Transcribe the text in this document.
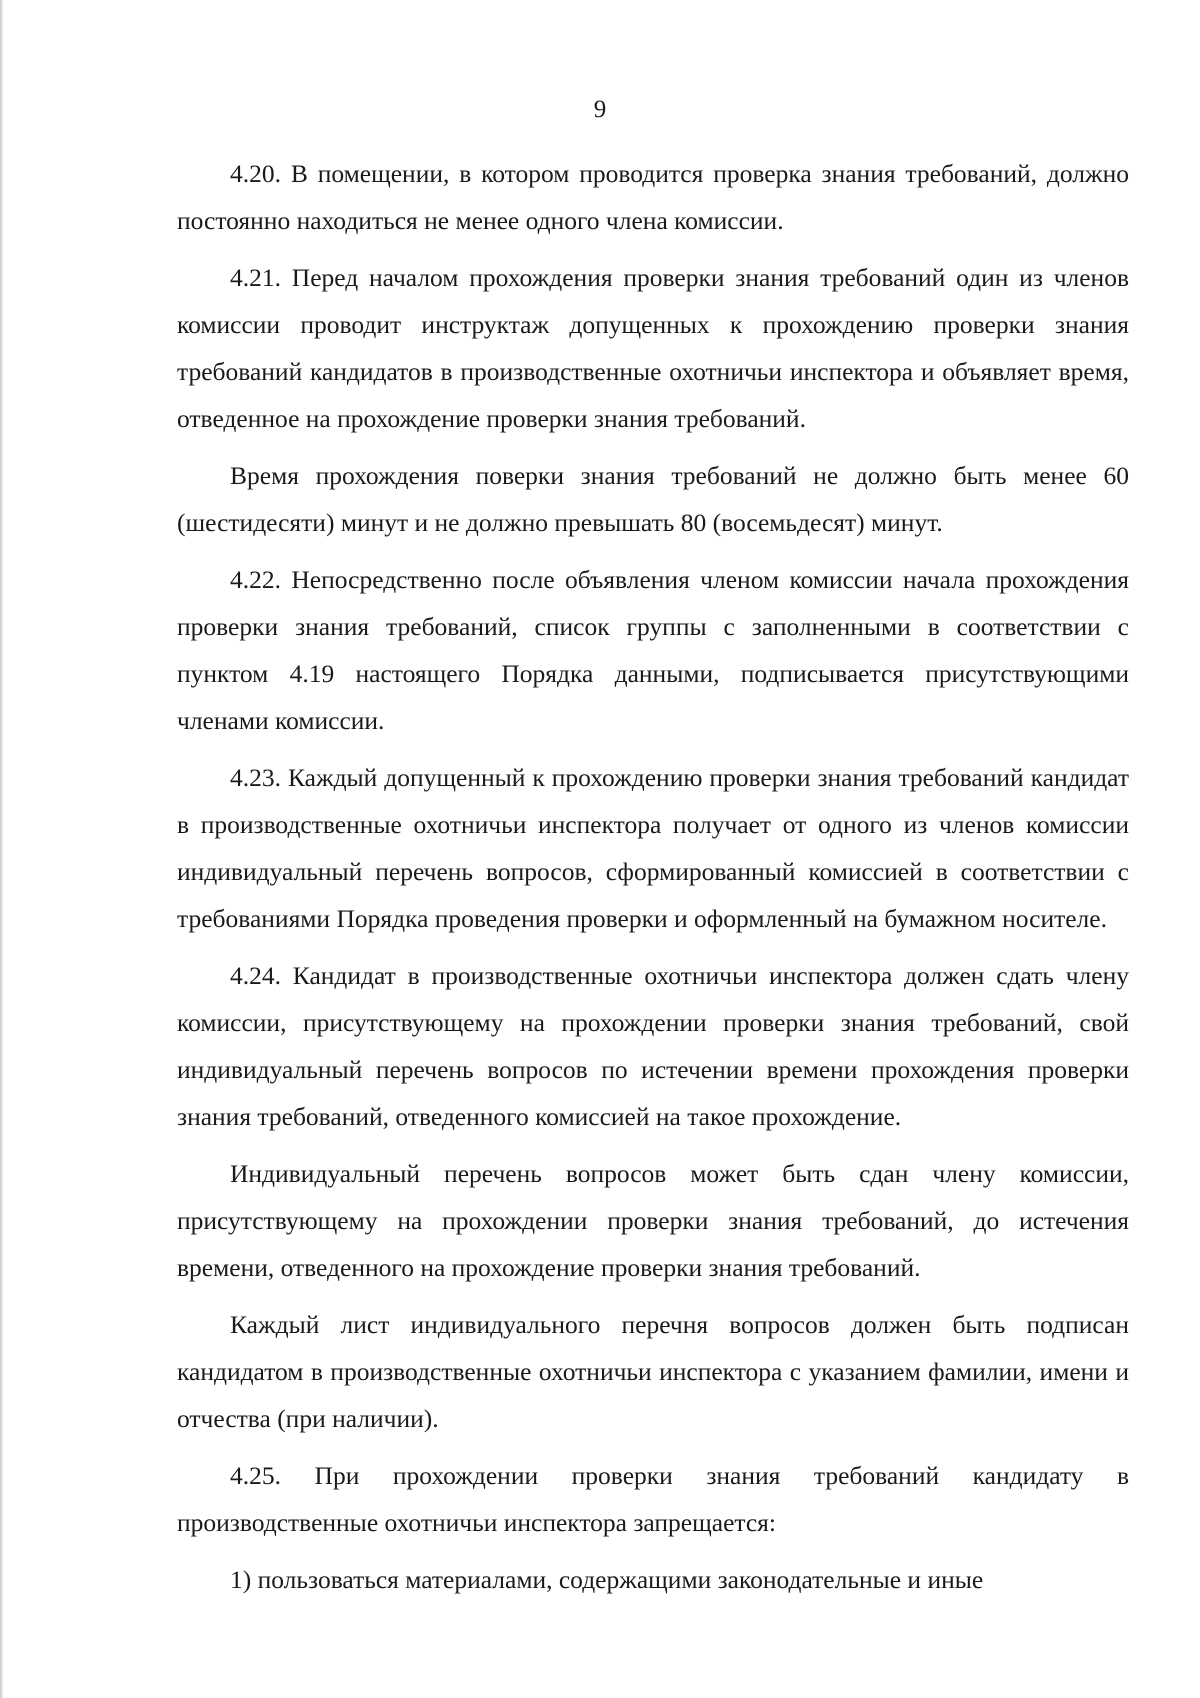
9

4.20. В помещении, в котором проводится проверка знания требований, должно постоянно находиться не менее одного члена комиссии.

4.21. Перед началом прохождения проверки знания требований один из членов комиссии проводит инструктаж допущенных к прохождению проверки знания требований кандидатов в производственные охотничьи инспектора и объявляет время, отведенное на прохождение проверки знания требований.

Время прохождения поверки знания требований не должно быть менее 60 (шестидесяти) минут и не должно превышать 80 (восемьдесят) минут.

4.22. Непосредственно после объявления членом комиссии начала прохождения проверки знания требований, список группы с заполненными в соответствии с пунктом 4.19 настоящего Порядка данными, подписывается присутствующими членами комиссии.

4.23. Каждый допущенный к прохождению проверки знания требований кандидат в производственные охотничьи инспектора получает от одного из членов комиссии индивидуальный перечень вопросов, сформированный комиссией в соответствии с требованиями Порядка проведения проверки и оформленный на бумажном носителе.

4.24. Кандидат в производственные охотничьи инспектора должен сдать члену комиссии, присутствующему на прохождении проверки знания требований, свой индивидуальный перечень вопросов по истечении времени прохождения проверки знания требований, отведенного комиссией на такое прохождение.

Индивидуальный перечень вопросов может быть сдан члену комиссии, присутствующему на прохождении проверки знания требований, до истечения времени, отведенного на прохождение проверки знания требований.

Каждый лист индивидуального перечня вопросов должен быть подписан кандидатом в производственные охотничьи инспектора с указанием фамилии, имени и отчества (при наличии).

4.25. При прохождении проверки знания требований кандидату в производственные охотничьи инспектора запрещается:

1) пользоваться материалами, содержащими законодательные и иные
